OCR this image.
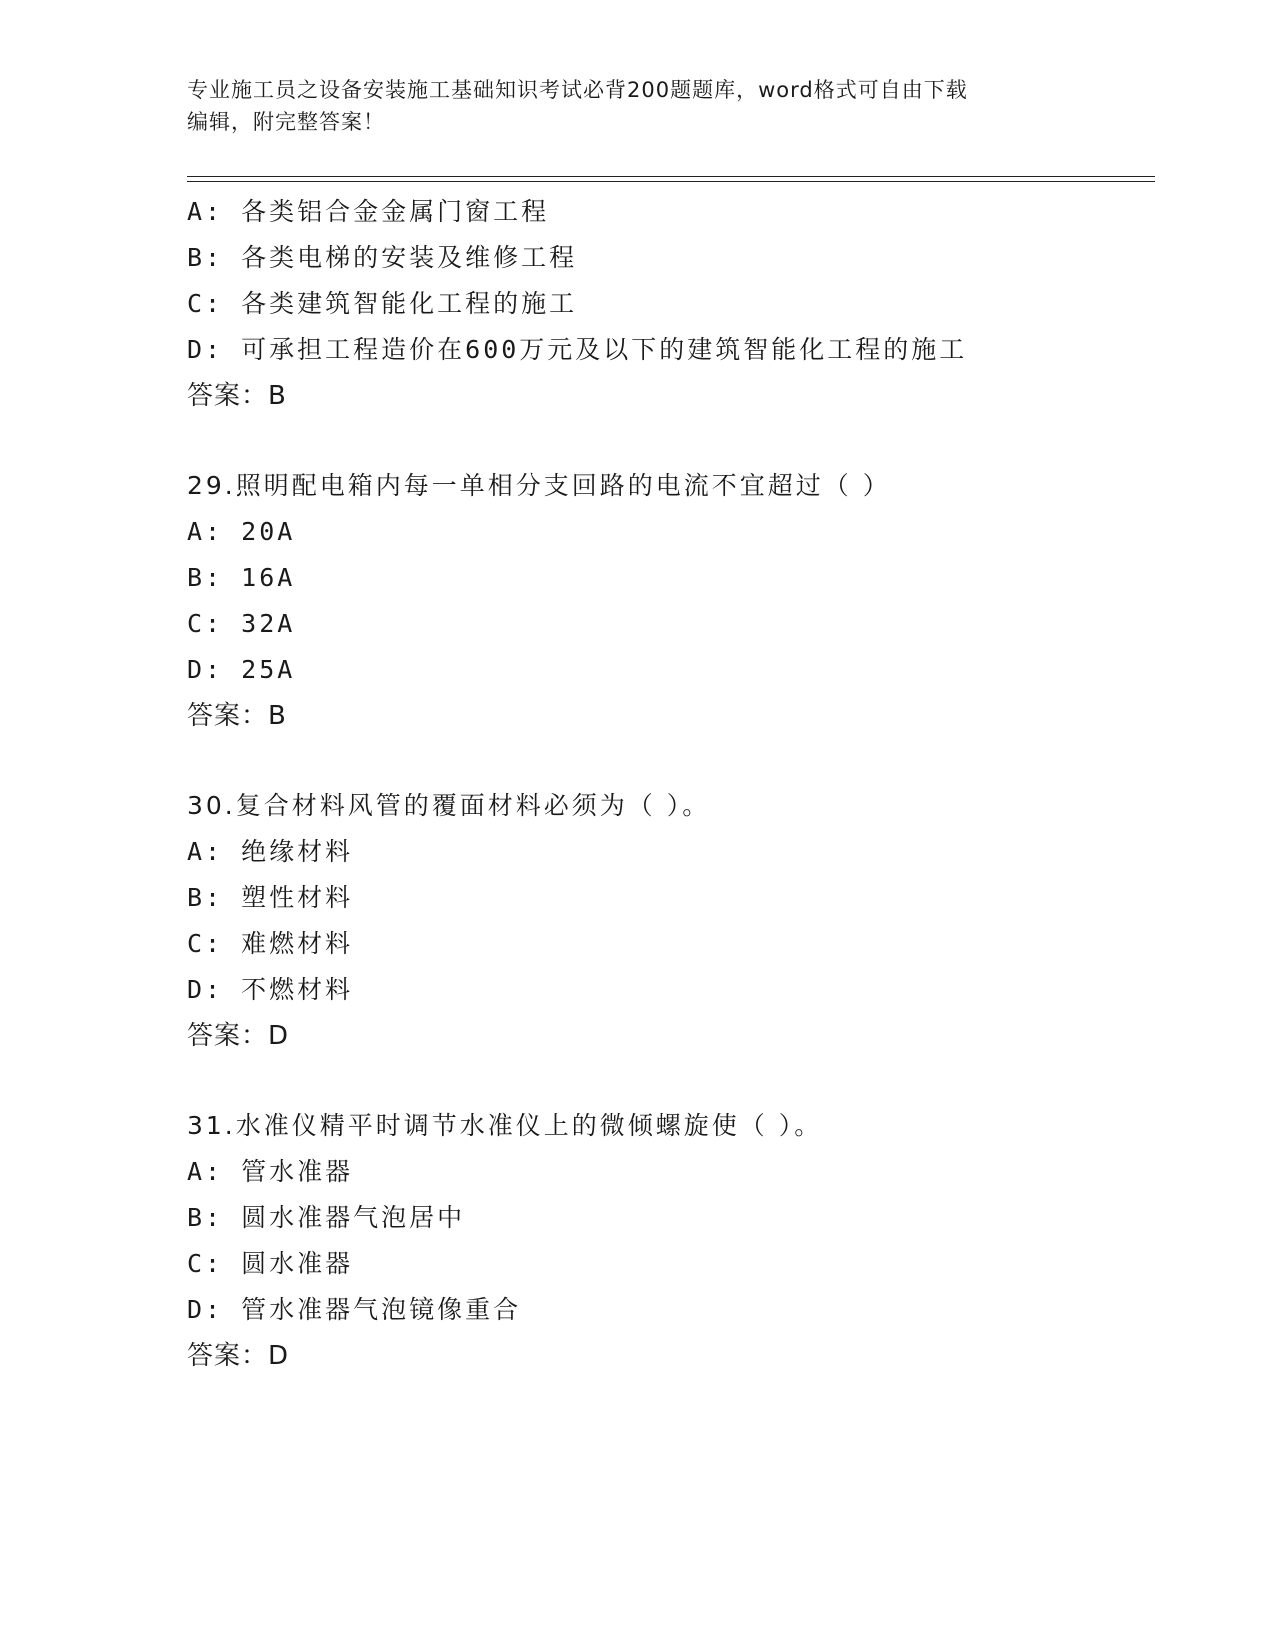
专业施工员之设备安装施工基础知识考试必背200题题库，word格式可自由下载
编辑，附完整答案！
A: 各类铝合金金属门窗工程
B: 各类电梯的安装及维修工程
C: 各类建筑智能化工程的施工
D: 可承担工程造价在600万元及以下的建筑智能化工程的施工
答案：B
29.照明配电箱内每一单相分支回路的电流不宜超过（ ）
A: 20A
B: 16A
C: 32A
D: 25A
答案：B
30.复合材料风管的覆面材料必须为（ ）。
A: 绝缘材料
B: 塑性材料
C: 难燃材料
D: 不燃材料
答案：D
31.水准仪精平时调节水准仪上的微倾螺旋使（ ）。
A: 管水准器
B: 圆水准器气泡居中
C: 圆水准器
D: 管水准器气泡镜像重合
答案：D
